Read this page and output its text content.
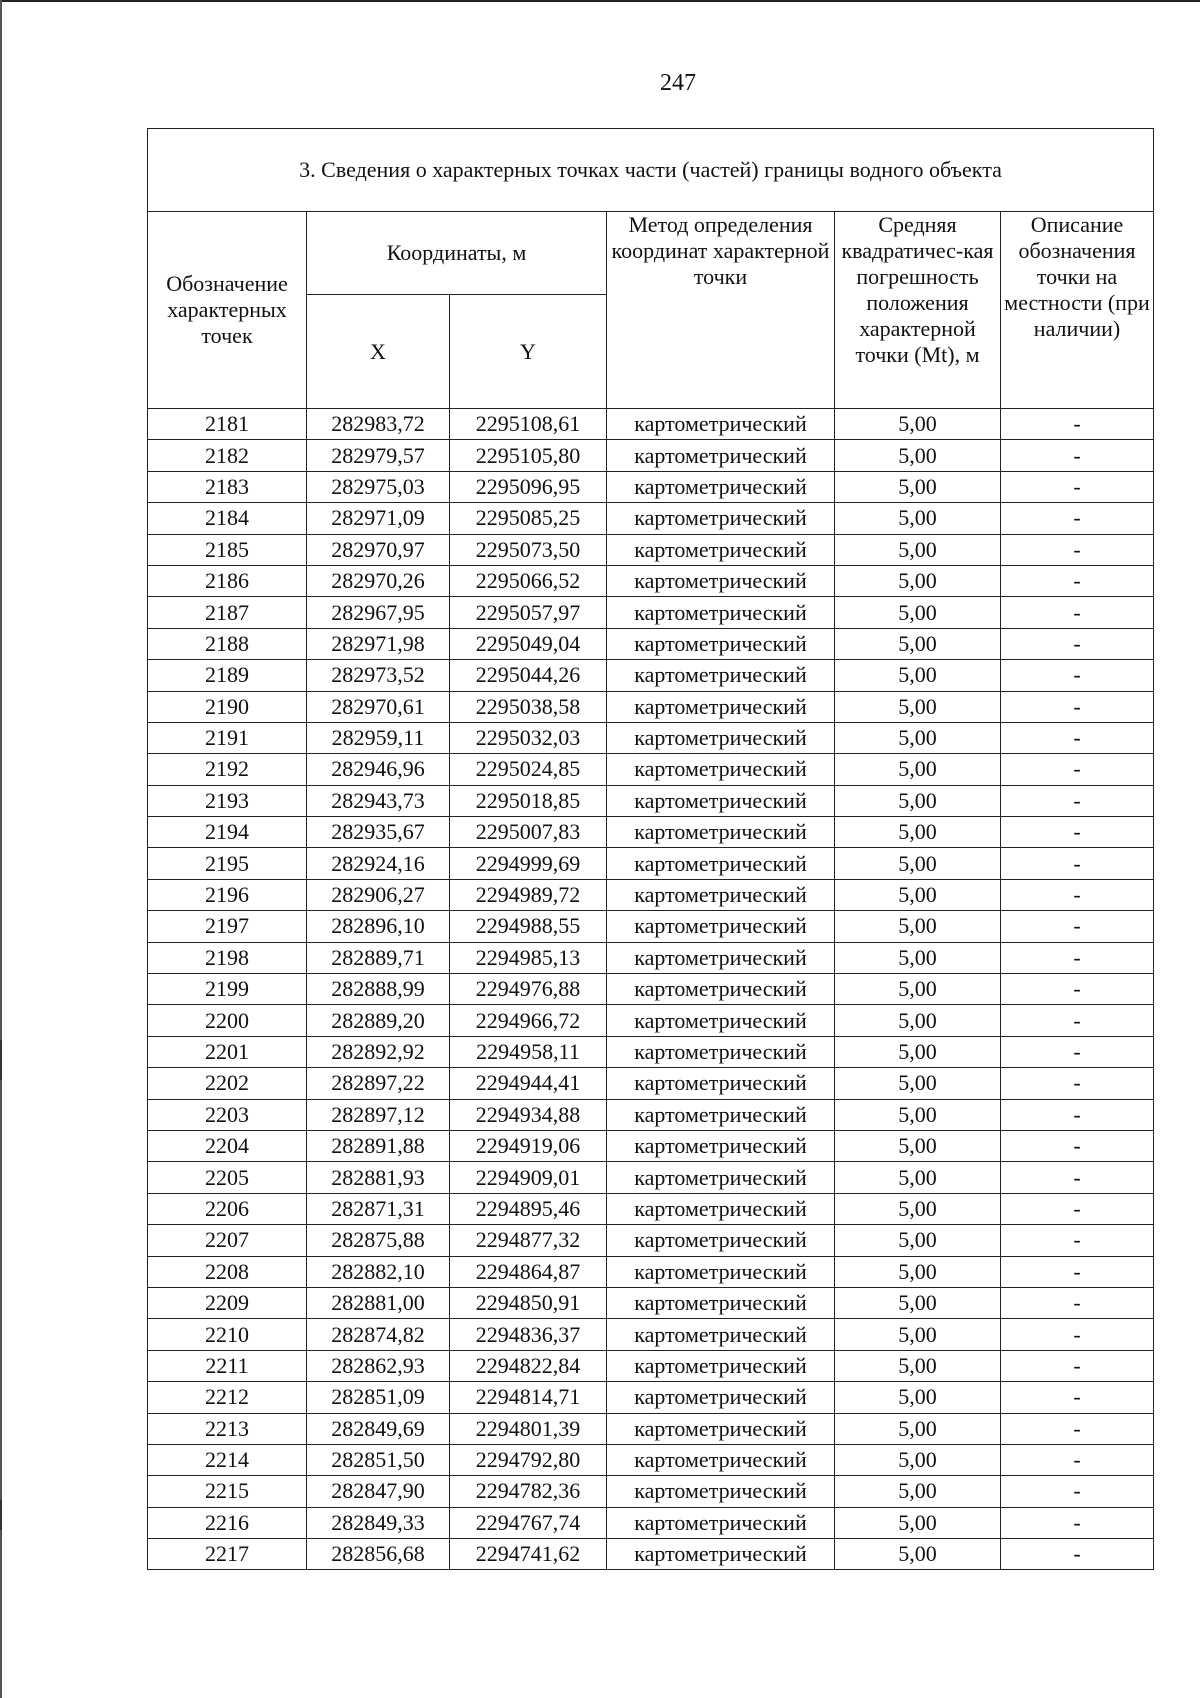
247
3. Сведения о характерных точках части (частей) границы водного объекта					
Обозначение характерных точек	Координаты, м		Метод определения координат характерной точки	Средняя квадратичес-кая погрешность положения характерной точки (Mt), м	Описание обозначения точки на местности (при наличии)
	X	Y			
2181	282983,72	2295108,61	картометрический	5,00	-
2182	282979,57	2295105,80	картометрический	5,00	-
2183	282975,03	2295096,95	картометрический	5,00	-
2184	282971,09	2295085,25	картометрический	5,00	-
2185	282970,97	2295073,50	картометрический	5,00	-
2186	282970,26	2295066,52	картометрический	5,00	-
2187	282967,95	2295057,97	картометрический	5,00	-
2188	282971,98	2295049,04	картометрический	5,00	-
2189	282973,52	2295044,26	картометрический	5,00	-
2190	282970,61	2295038,58	картометрический	5,00	-
2191	282959,11	2295032,03	картометрический	5,00	-
2192	282946,96	2295024,85	картометрический	5,00	-
2193	282943,73	2295018,85	картометрический	5,00	-
2194	282935,67	2295007,83	картометрический	5,00	-
2195	282924,16	2294999,69	картометрический	5,00	-
2196	282906,27	2294989,72	картометрический	5,00	-
2197	282896,10	2294988,55	картометрический	5,00	-
2198	282889,71	2294985,13	картометрический	5,00	-
2199	282888,99	2294976,88	картометрический	5,00	-
2200	282889,20	2294966,72	картометрический	5,00	-
2201	282892,92	2294958,11	картометрический	5,00	-
2202	282897,22	2294944,41	картометрический	5,00	-
2203	282897,12	2294934,88	картометрический	5,00	-
2204	282891,88	2294919,06	картометрический	5,00	-
2205	282881,93	2294909,01	картометрический	5,00	-
2206	282871,31	2294895,46	картометрический	5,00	-
2207	282875,88	2294877,32	картометрический	5,00	-
2208	282882,10	2294864,87	картометрический	5,00	-
2209	282881,00	2294850,91	картометрический	5,00	-
2210	282874,82	2294836,37	картометрический	5,00	-
2211	282862,93	2294822,84	картометрический	5,00	-
2212	282851,09	2294814,71	картометрический	5,00	-
2213	282849,69	2294801,39	картометрический	5,00	-
2214	282851,50	2294792,80	картометрический	5,00	-
2215	282847,90	2294782,36	картометрический	5,00	-
2216	282849,33	2294767,74	картометрический	5,00	-
2217	282856,68	2294741,62	картометрический	5,00	-
